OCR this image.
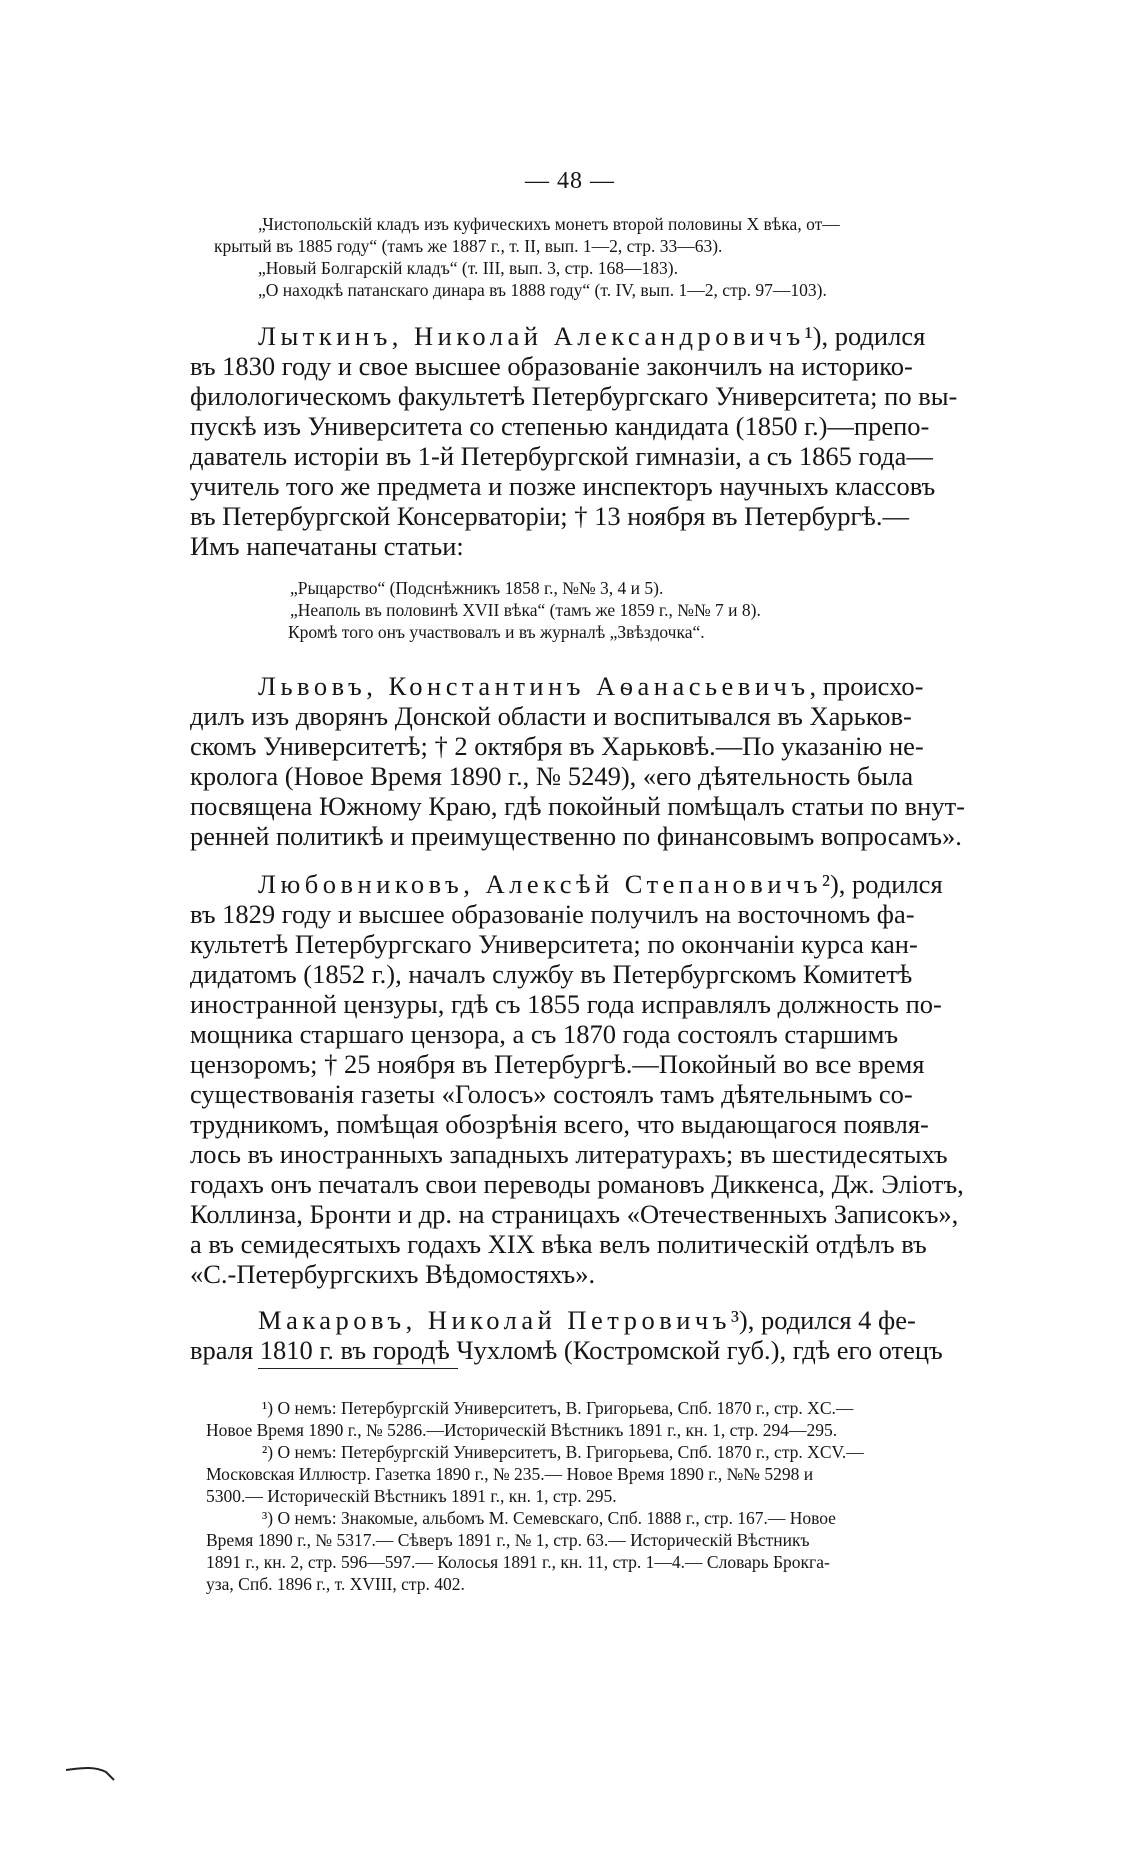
— 48 —
„Чистопольскій кладъ изъ куфическихъ монетъ второй половины X вѣка, от—
крытый въ 1885 году“ (тамъ же 1887 г., т. II, вып. 1—2, стр. 33—63).
„Новый Болгарскій кладъ“ (т. III, вып. 3, стр. 168—183).
„О находкѣ патанскаго динара въ 1888 году“ (т. IV, вып. 1—2, стр. 97—103).
Лыткинъ, Николай Александровичъ¹), родился
въ 1830 году и свое высшее образованіе закончилъ на историко-
филологическомъ факультетѣ Петербургскаго Университета; по вы-
пускѣ изъ Университета со степенью кандидата (1850 г.)—препо-
даватель исторіи въ 1-й Петербургской гимназіи, а съ 1865 года—
учитель того же предмета и позже инспекторъ научныхъ классовъ
въ Петербургской Консерваторіи; † 13 ноября въ Петербургѣ.—
Имъ напечатаны статьи:
„Рыцарство“ (Подснѣжникъ 1858 г., №№ 3, 4 и 5).
„Неаполь въ половинѣ XVII вѣка“ (тамъ же 1859 г., №№ 7 и 8).
Кромѣ того онъ участвовалъ и въ журналѣ „Звѣздочка“.
Львовъ, Константинъ Аѳанасьевичъ, происхо-
дилъ изъ дворянъ Донской области и воспитывался въ Харьков-
скомъ Университетѣ; † 2 октября въ Харьковѣ.—По указанію не-
кролога (Новое Время 1890 г., № 5249), «его дѣятельность была
посвящена Южному Краю, гдѣ покойный помѣщалъ статьи по внут-
ренней политикѣ и преимущественно по финансовымъ вопросамъ».
Любовниковъ, Алексѣй Степановичъ²), родился
въ 1829 году и высшее образованіе получилъ на восточномъ фа-
культетѣ Петербургскаго Университета; по окончаніи курса кан-
дидатомъ (1852 г.), началъ службу въ Петербургскомъ Комитетѣ
иностранной цензуры, гдѣ съ 1855 года исправлялъ должность по-
мощника старшаго цензора, а съ 1870 года состоялъ старшимъ
цензоромъ; † 25 ноября въ Петербургѣ.—Покойный во все время
существованія газеты «Голосъ» состоялъ тамъ дѣятельнымъ со-
трудникомъ, помѣщая обозрѣнія всего, что выдающагося появля-
лось въ иностранныхъ западныхъ литературахъ; въ шестидесятыхъ
годахъ онъ печаталъ свои переводы романовъ Диккенса, Дж. Эліотъ,
Коллинза, Бронти и др. на страницахъ «Отечественныхъ Записокъ»,
а въ семидесятыхъ годахъ XIX вѣка велъ политическій отдѣлъ въ
«С.-Петербургскихъ Вѣдомостяхъ».
Макаровъ, Николай Петровичъ³), родился 4 фе-
враля 1810 г. въ городѣ Чухломѣ (Костромской губ.), гдѣ его отецъ
¹) О немъ: Петербургскій Университетъ, В. Григорьева, Спб. 1870 г., стр. XC.—
Новое Время 1890 г., № 5286.—Историческій Вѣстникъ 1891 г., кн. 1, стр. 294—295.
²) О немъ: Петербургскій Университетъ, В. Григорьева, Спб. 1870 г., стр. XCV.—
Московская Иллюстр. Газетка 1890 г., № 235.— Новое Время 1890 г., №№ 5298 и
5300.— Историческій Вѣстникъ 1891 г., кн. 1, стр. 295.
³) О немъ: Знакомые, альбомъ М. Семевскаго, Спб. 1888 г., стр. 167.— Новое
Время 1890 г., № 5317.— Сѣверъ 1891 г., № 1, стр. 63.— Историческій Вѣстникъ
1891 г., кн. 2, стр. 596—597.— Колосья 1891 г., кн. 11, стр. 1—4.— Словарь Брокга-
уза, Спб. 1896 г., т. XVIII, стр. 402.
